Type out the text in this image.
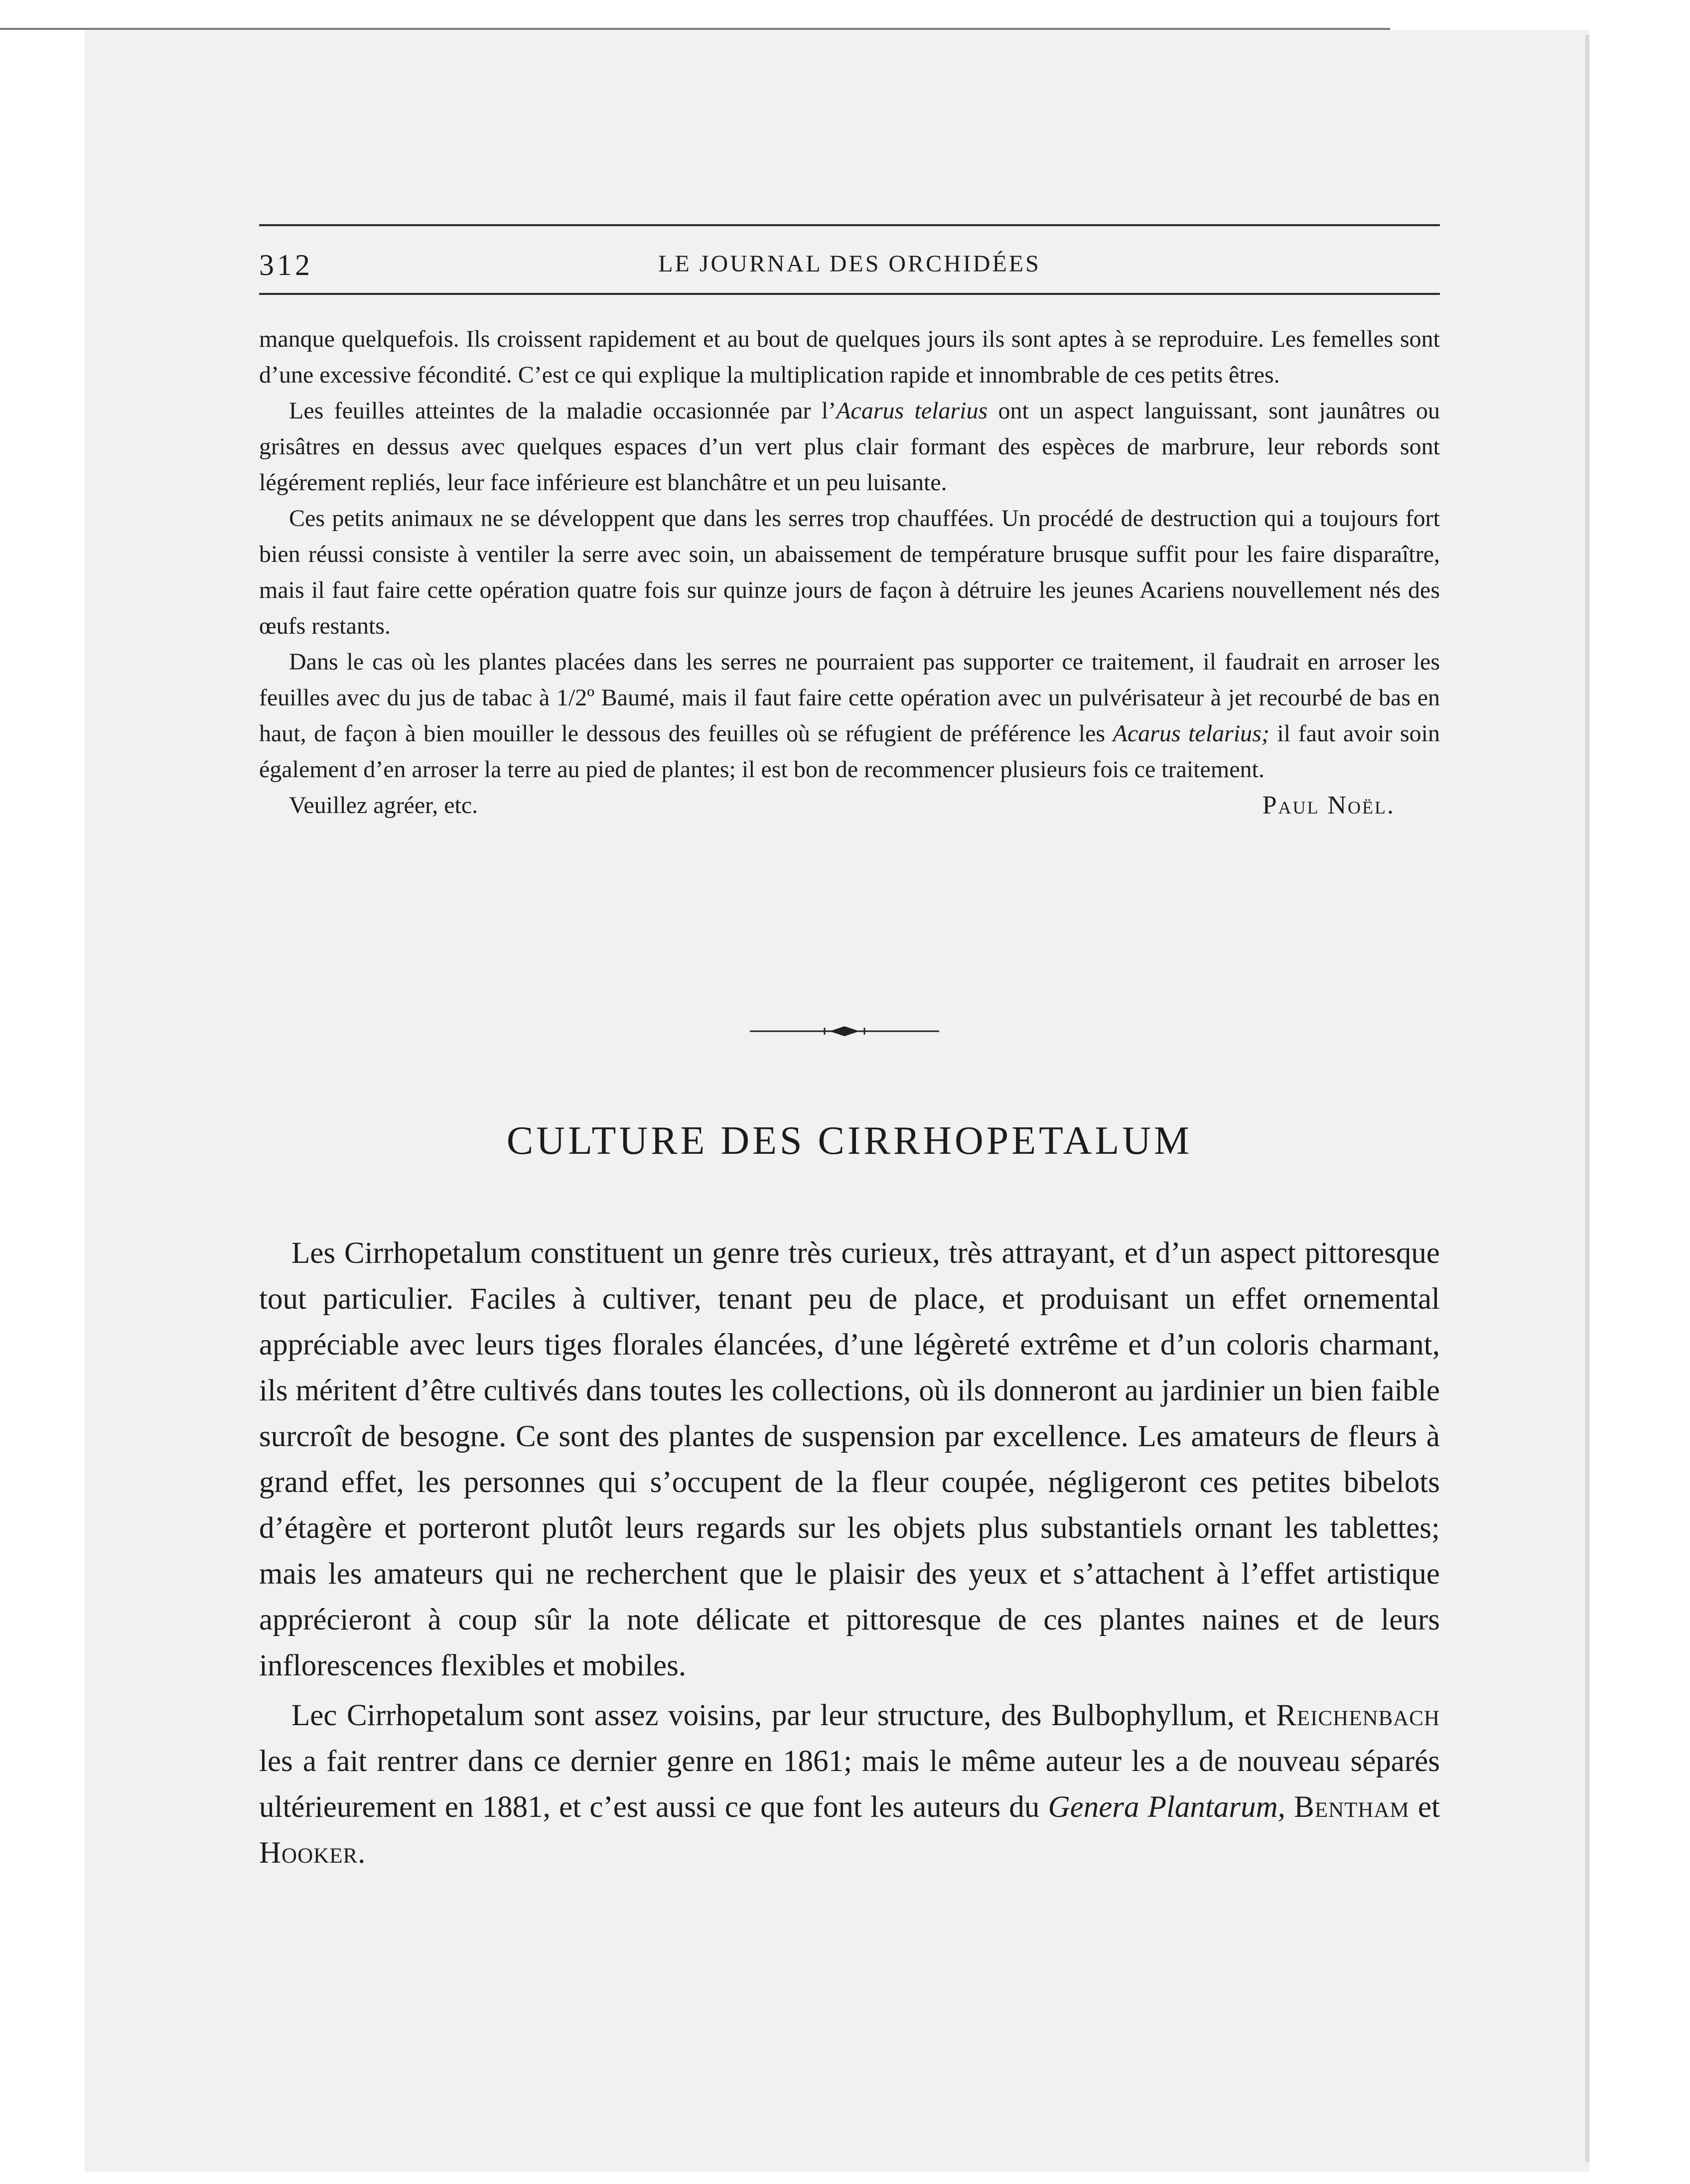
312	LE JOURNAL DES ORCHIDÉES

manque quelquefois. Ils croissent rapidement et au bout de quelques jours ils sont aptes à se reproduire. Les femelles sont d’une excessive fécondité. C’est ce qui explique la multiplication rapide et innombrable de ces petits êtres.

Les feuilles atteintes de la maladie occasionnée par l’Acarus telarius ont un aspect languissant, sont jaunâtres ou grisâtres en dessus avec quelques espaces d’un vert plus clair formant des espèces de marbrure, leur rebords sont légérement repliés, leur face inférieure est blanchâtre et un peu luisante.

Ces petits animaux ne se développent que dans les serres trop chauffées. Un procédé de destruction qui a toujours fort bien réussi consiste à ventiler la serre avec soin, un abaissement de température brusque suffit pour les faire disparaître, mais il faut faire cette opération quatre fois sur quinze jours de façon à détruire les jeunes Acariens nouvellement nés des œufs restants.

Dans le cas où les plantes placées dans les serres ne pourraient pas supporter ce traitement, il faudrait en arroser les feuilles avec du jus de tabac à 1/2º Baumé, mais il faut faire cette opération avec un pulvérisateur à jet recourbé de bas en haut, de façon à bien mouiller le dessous des feuilles où se réfugient de préférence les Acarus telarius; il faut avoir soin également d’en arroser la terre au pied de plantes; il est bon de recommencer plusieurs fois ce traitement.

Veuillez agréer, etc.	Paul Noël.
CULTURE DES CIRRHOPETALUM

Les Cirrhopetalum constituent un genre très curieux, très attrayant, et d’un aspect pittoresque tout particulier. Faciles à cultiver, tenant peu de place, et produisant un effet ornemental appréciable avec leurs tiges florales élancées, d’une légèreté extrême et d’un coloris charmant, ils méritent d’être cultivés dans toutes les collections, où ils donneront au jardinier un bien faible surcroît de besogne. Ce sont des plantes de suspension par excellence. Les amateurs de fleurs à grand effet, les personnes qui s’occupent de la fleur coupée, négligeront ces petites bibelots d’étagère et porteront plutôt leurs regards sur les objets plus substantiels ornant les tablettes; mais les amateurs qui ne recherchent que le plaisir des yeux et s’attachent à l’effet artistique apprécieront à coup sûr la note délicate et pittoresque de ces plantes naines et de leurs inflorescences flexibles et mobiles.

Lec Cirrhopetalum sont assez voisins, par leur structure, des Bulbophyllum, et Reichenbach les a fait rentrer dans ce dernier genre en 1861; mais le même auteur les a de nouveau séparés ultérieurement en 1881, et c’est aussi ce que font les auteurs du Genera Plantarum, Bentham et Hooker.
